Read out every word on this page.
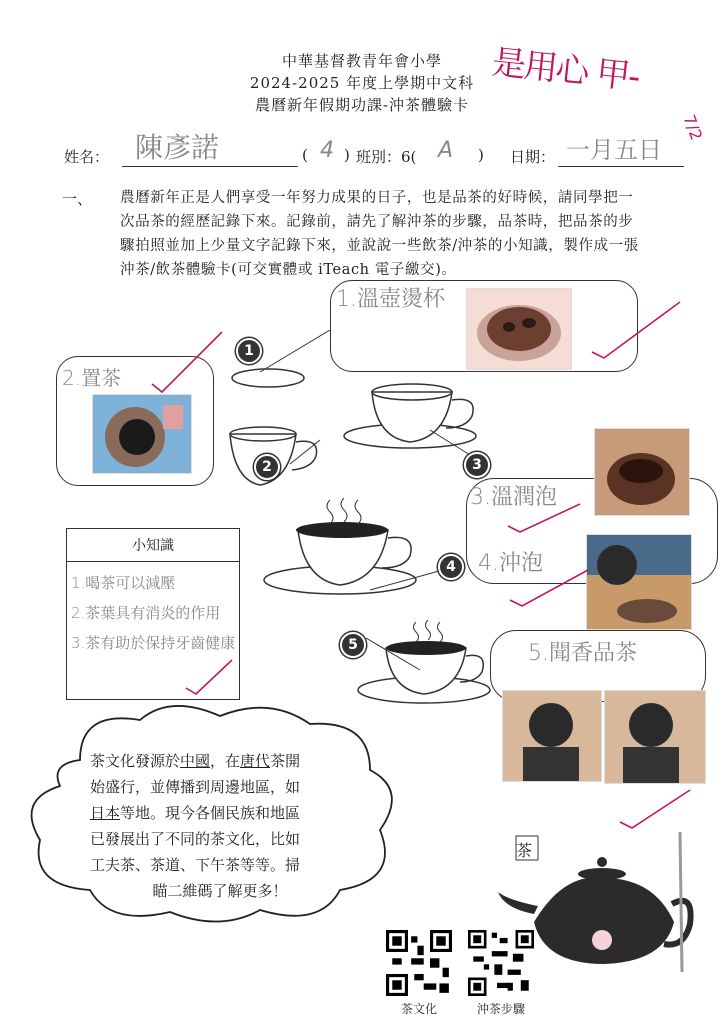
中華基督教青年會小學
2024-2025 年度上學期中文科
農曆新年假期功課-沖茶體驗卡
是用心 甲-
7/2
姓名： 陳彥諾	( 4 ) 班別：6( A ) 日期： 一月五日
一、 農曆新年正是人們享受一年努力成果的日子，也是品茶的好時候，請同學把一
次品茶的經歷記錄下來。記錄前，請先了解沖茶的步驟，品茶時，把品茶的步
驟拍照並加上少量文字記錄下來，並說說一些飲茶/沖茶的小知識，製作成一張
沖茶/飲茶體驗卡(可交實體或 iTeach 電子繳交)。
1.溫壺燙杯
2.置茶
3.溫潤泡
4.沖泡
5.聞香品茶
1
2	3
4
5
小知識
1.喝茶可以減壓
2.茶葉具有消炎的作用
3.茶有助於保持牙齒健康
茶文化發源於中國，在唐代茶開
始盛行，並傳播到周邊地區，如
日本等地。現今各個民族和地區
已發展出了不同的茶文化，比如
工夫茶、茶道、下午茶等等。掃
瞄二維碼了解更多！
茶
茶文化	沖茶步驟
